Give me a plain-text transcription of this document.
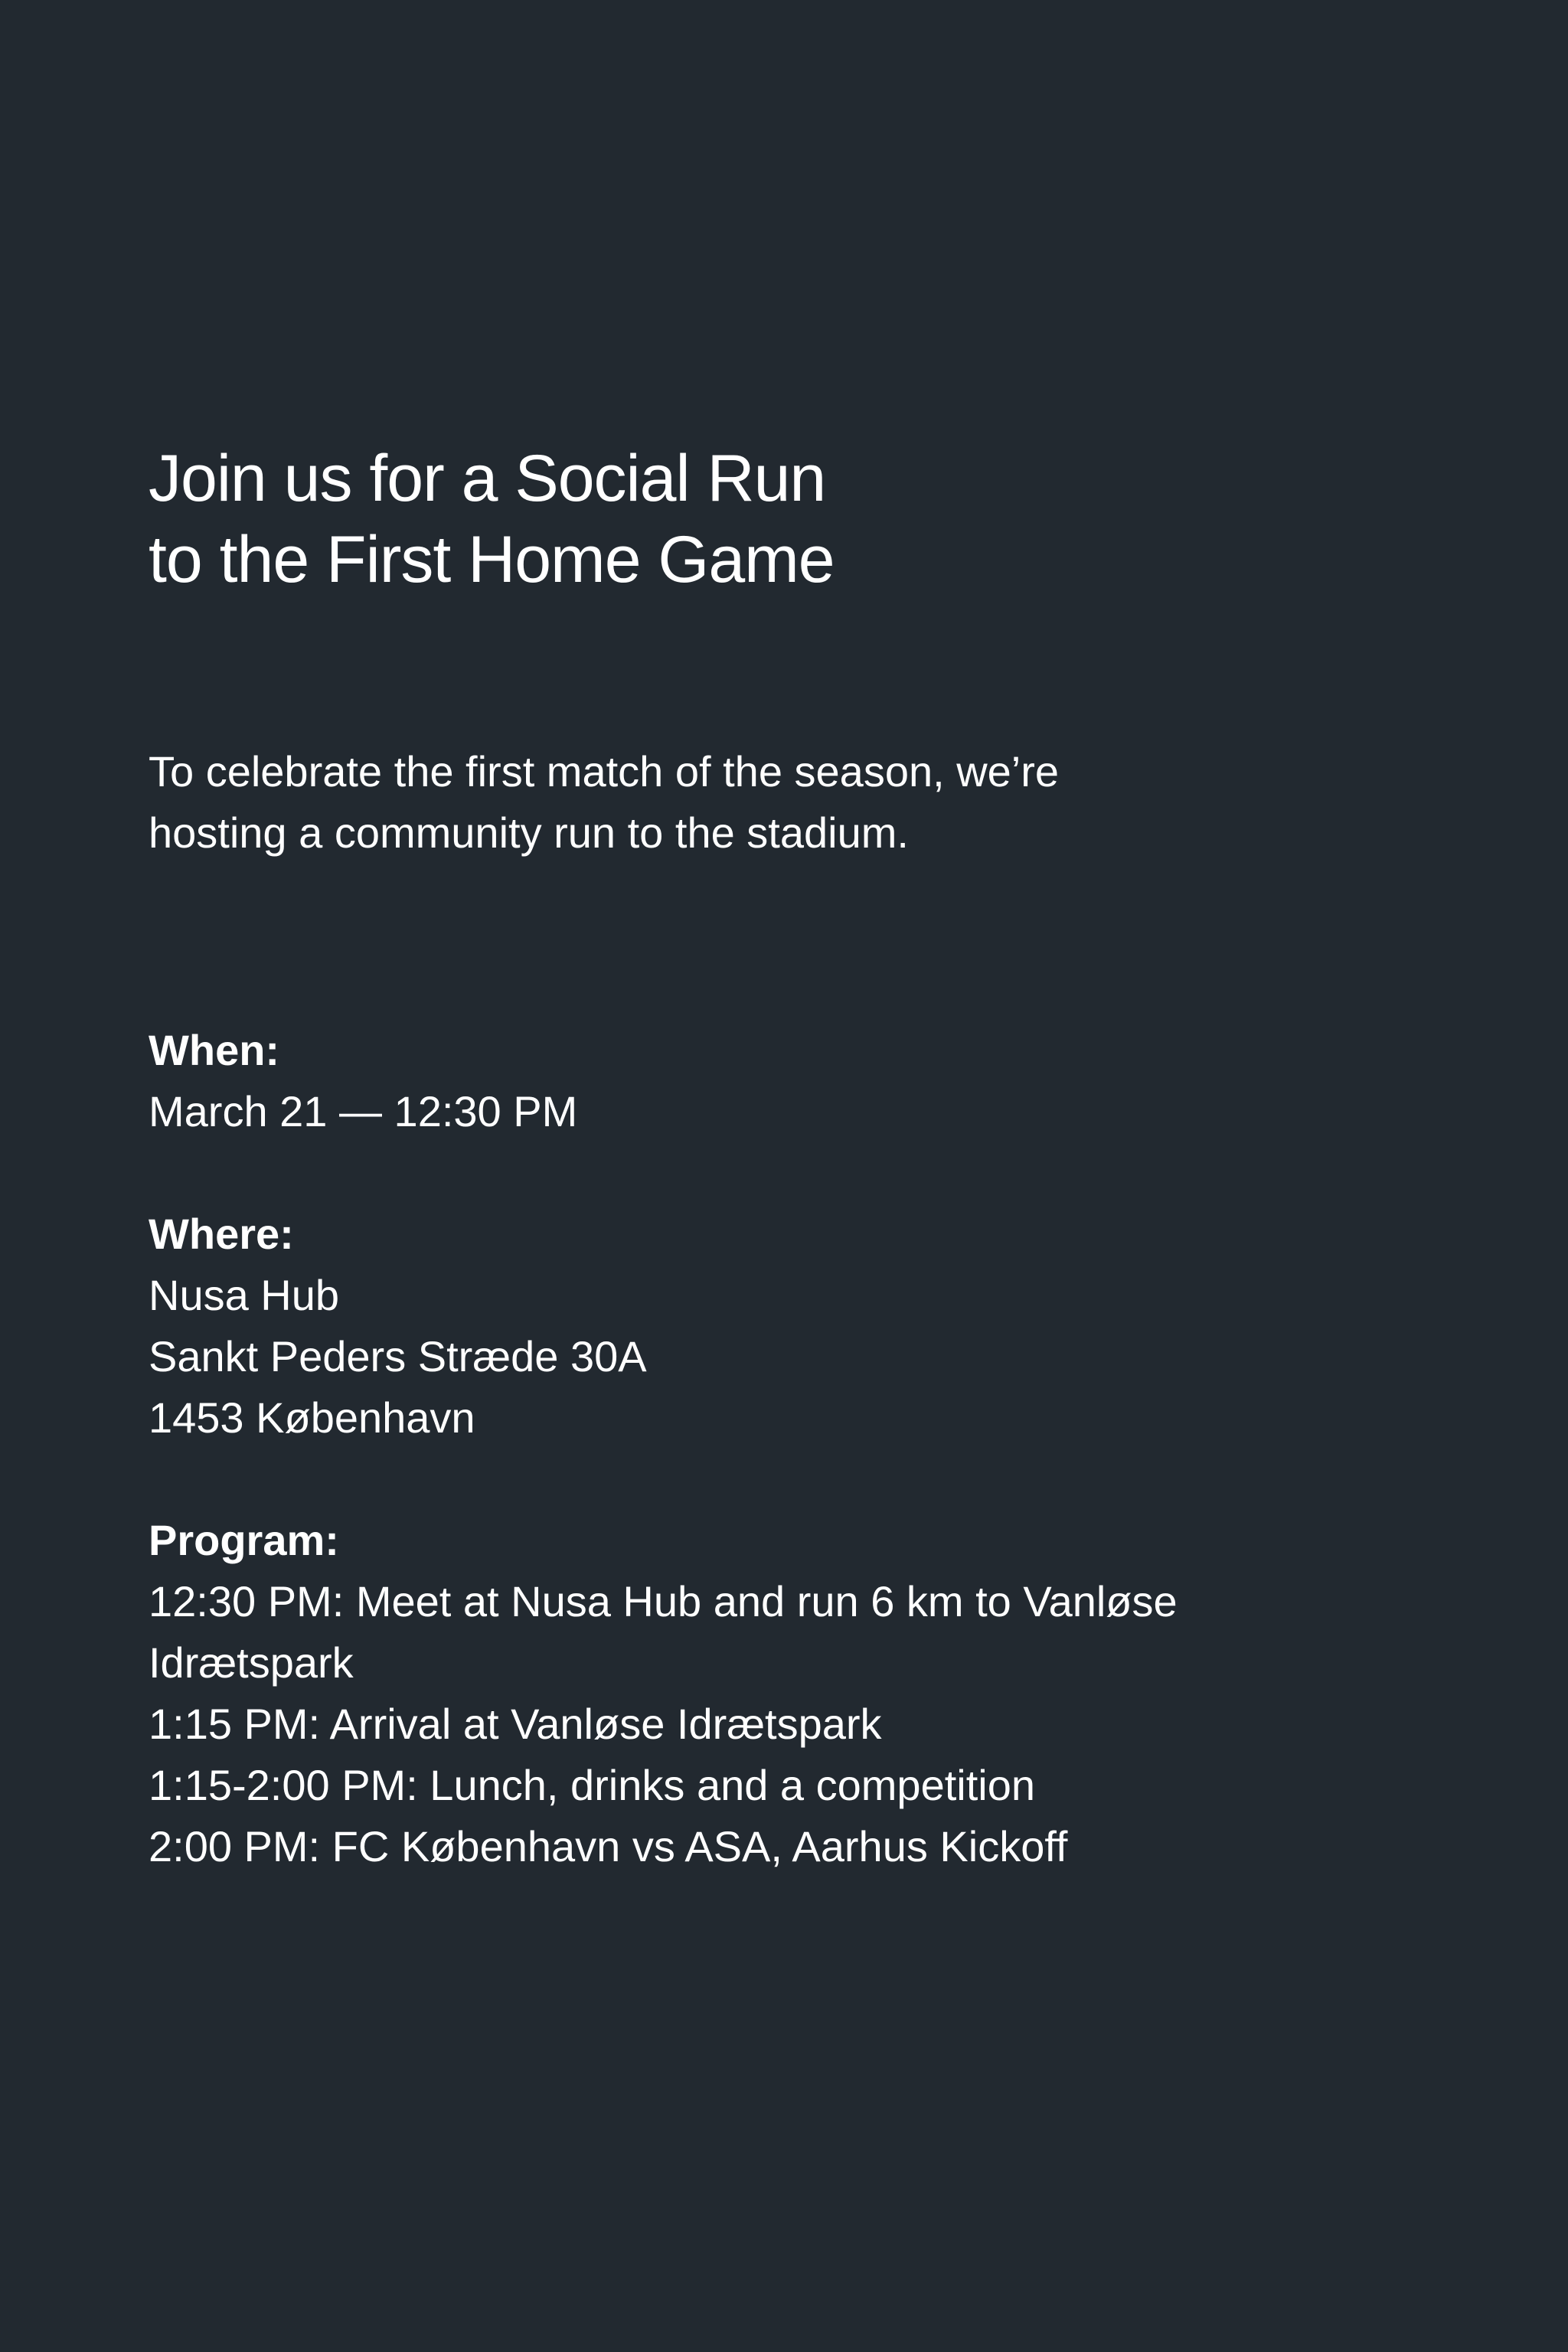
Join us for a Social Run
to the First Home Game

To celebrate the first match of the season, we’re
hosting a community run to the stadium.

When:
March 21 — 12:30 PM
Where:
Nusa Hub
Sankt Peders Stræde 30A
1453 København
Program:
12:30 PM: Meet at Nusa Hub and run 6 km to Vanløse
Idrætspark
1:15 PM: Arrival at Vanløse Idrætspark
1:15-2:00 PM: Lunch, drinks and a competition
2:00 PM: FC København vs ASA, Aarhus Kickoff
